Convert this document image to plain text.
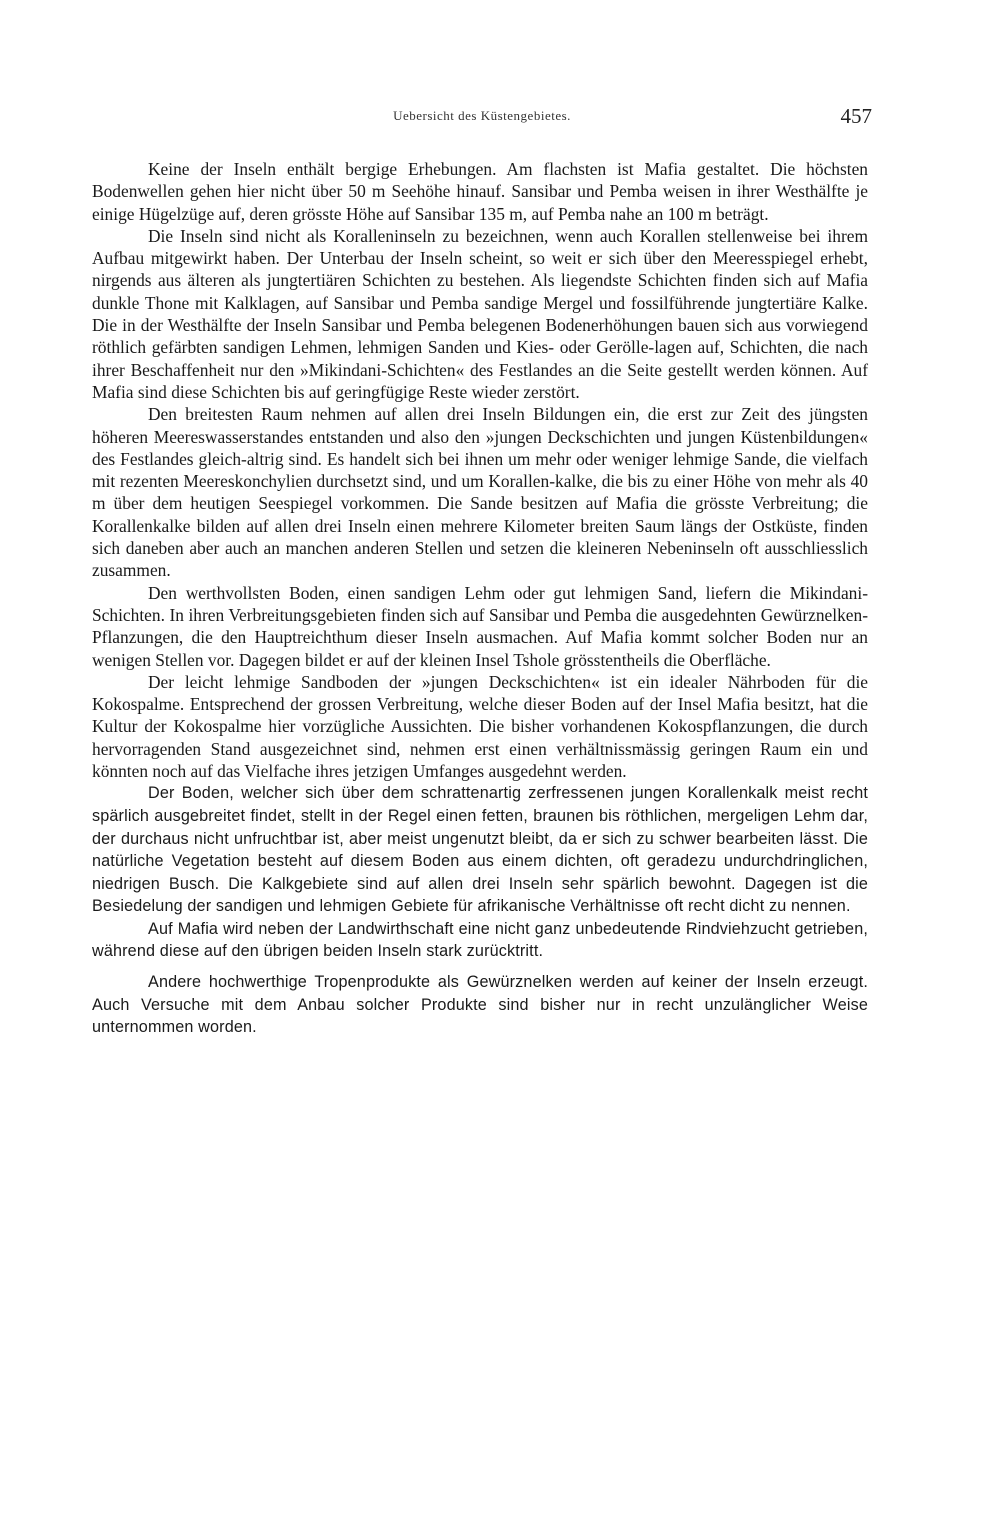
Uebersicht des Küstengebietes.	457

Keine der Inseln enthält bergige Erhebungen. Am flachsten ist Mafia gestaltet. Die höchsten Bodenwellen gehen hier nicht über 50 m Seehöhe hinauf. Sansibar und Pemba weisen in ihrer Westhälfte je einige Hügelzüge auf, deren grösste Höhe auf Sansibar 135 m, auf Pemba nahe an 100 m beträgt.

Die Inseln sind nicht als Koralleninseln zu bezeichnen, wenn auch Korallen stellenweise bei ihrem Aufbau mitgewirkt haben. Der Unterbau der Inseln scheint, so weit er sich über den Meeresspiegel erhebt, nirgends aus älteren als jungtertiären Schichten zu bestehen. Als liegendste Schichten finden sich auf Mafia dunkle Thone mit Kalklagen, auf Sansibar und Pemba sandige Mergel und fossilführende jungtertiäre Kalke. Die in der Westhälfte der Inseln Sansibar und Pemba belegenen Bodenerhöhungen bauen sich aus vorwiegend röthlich gefärbten sandigen Lehmen, lehmigen Sanden und Kies- oder Gerölle-lagen auf, Schichten, die nach ihrer Beschaffenheit nur den »Mikindani-Schichten« des Festlandes an die Seite gestellt werden können. Auf Mafia sind diese Schichten bis auf geringfügige Reste wieder zerstört.

Den breitesten Raum nehmen auf allen drei Inseln Bildungen ein, die erst zur Zeit des jüngsten höheren Meereswasserstandes entstanden und also den »jungen Deckschichten und jungen Küstenbildungen« des Festlandes gleich-altrig sind. Es handelt sich bei ihnen um mehr oder weniger lehmige Sande, die vielfach mit rezenten Meereskonchylien durchsetzt sind, und um Korallen-kalke, die bis zu einer Höhe von mehr als 40 m über dem heutigen Seespiegel vorkommen. Die Sande besitzen auf Mafia die grösste Verbreitung; die Korallenkalke bilden auf allen drei Inseln einen mehrere Kilometer breiten Saum längs der Ostküste, finden sich daneben aber auch an manchen anderen Stellen und setzen die kleineren Nebeninseln oft ausschliesslich zusammen.

Den werthvollsten Boden, einen sandigen Lehm oder gut lehmigen Sand, liefern die Mikindani-Schichten. In ihren Verbreitungsgebieten finden sich auf Sansibar und Pemba die ausgedehnten Gewürznelken-Pflanzungen, die den Hauptreichthum dieser Inseln ausmachen. Auf Mafia kommt solcher Boden nur an wenigen Stellen vor. Dagegen bildet er auf der kleinen Insel Tshole grösstentheils die Oberfläche.

Der leicht lehmige Sandboden der »jungen Deckschichten« ist ein idealer Nährboden für die Kokospalme. Entsprechend der grossen Verbreitung, welche dieser Boden auf der Insel Mafia besitzt, hat die Kultur der Kokospalme hier vorzügliche Aussichten. Die bisher vorhandenen Kokospflanzungen, die durch hervorragenden Stand ausgezeichnet sind, nehmen erst einen verhältnissmässig geringen Raum ein und könnten noch auf das Vielfache ihres jetzigen Umfanges ausgedehnt werden.

Der Boden, welcher sich über dem schrattenartig zerfressenen jungen Korallenkalk meist recht spärlich ausgebreitet findet, stellt in der Regel einen fetten, braunen bis röthlichen, mergeligen Lehm dar, der durchaus nicht unfruchtbar ist, aber meist ungenutzt bleibt, da er sich zu schwer bearbeiten lässt. Die natürliche Vegetation besteht auf diesem Boden aus einem dichten, oft geradezu undurchdringlichen, niedrigen Busch. Die Kalkgebiete sind auf allen drei Inseln sehr spärlich bewohnt. Dagegen ist die Besiedelung der sandigen und lehmigen Gebiete für afrikanische Verhältnisse oft recht dicht zu nennen.

Auf Mafia wird neben der Landwirthschaft eine nicht ganz unbedeutende Rindviehzucht getrieben, während diese auf den übrigen beiden Inseln stark zurücktritt.

Andere hochwerthige Tropenprodukte als Gewürznelken werden auf keiner der Inseln erzeugt. Auch Versuche mit dem Anbau solcher Produkte sind bisher nur in recht unzulänglicher Weise unternommen worden.
